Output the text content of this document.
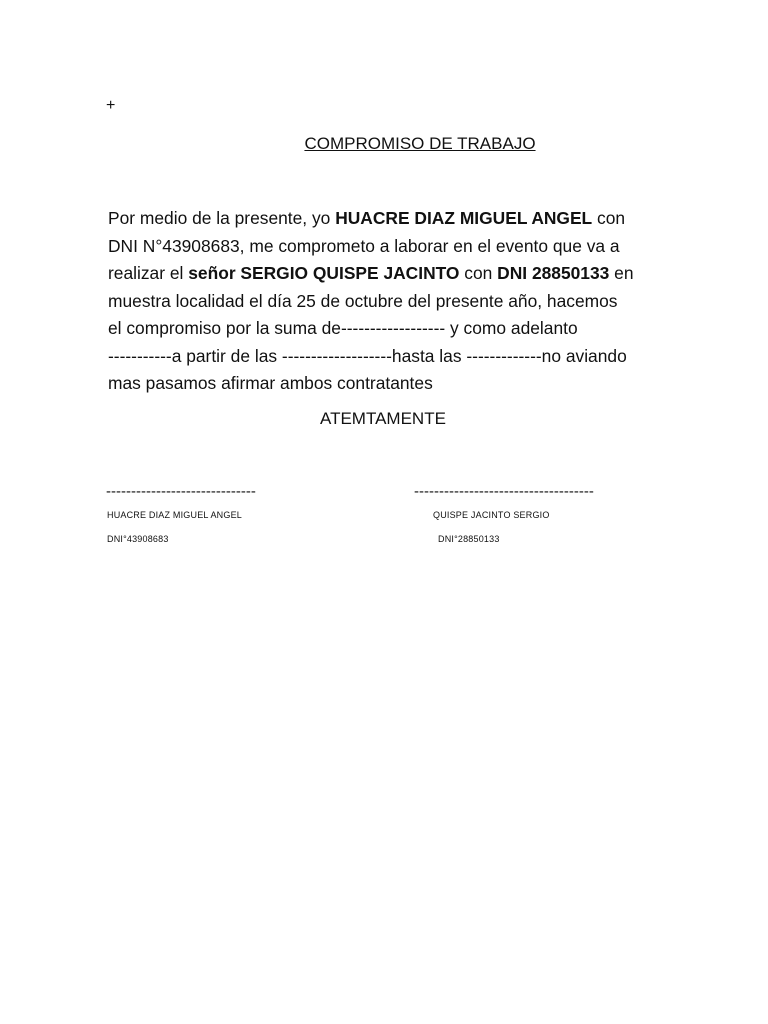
+
COMPROMISO DE TRABAJO
Por medio de la presente, yo HUACRE DIAZ MIGUEL ANGEL con
DNI N°43908683, me comprometo a laborar en el evento que va a
realizar el señor SERGIO QUISPE JACINTO con DNI 28850133 en
muestra localidad el día 25 de octubre del presente año, hacemos
el compromiso por la suma de------------------ y como adelanto
-----------a partir de las -------------------hasta las -------------no aviando
mas pasamos afirmar ambos contratantes
ATEMTAMENTE
------------------------------	------------------------------------
HUACRE DIAZ MIGUEL ANGEL	QUISPE JACINTO SERGIO
DNI°43908683	DNI°28850133
